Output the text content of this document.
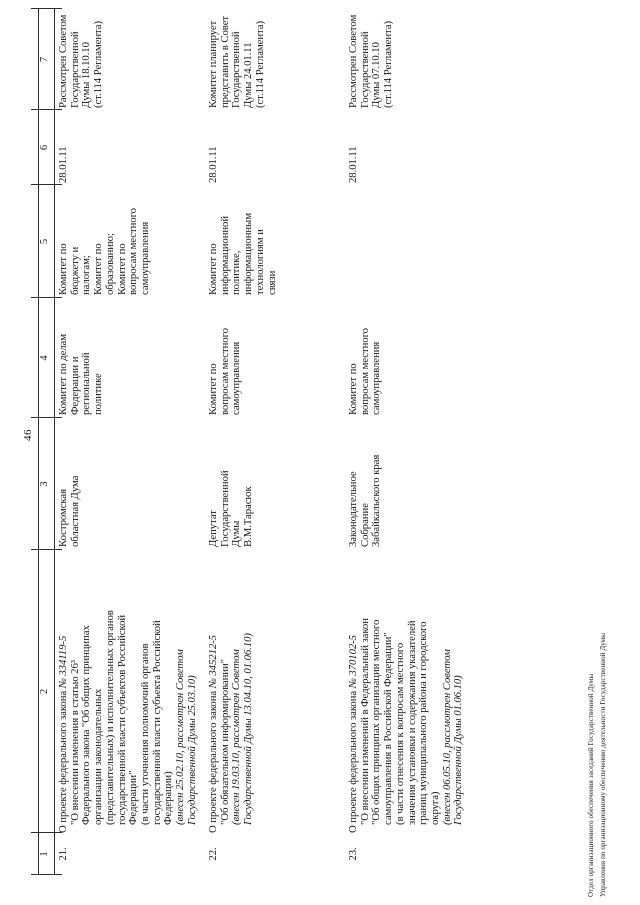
46
1
2
3
4
5
6
7
21.
О проекте федерального закона № 334119-5 "О внесении изменения в статью 26³ Федерального закона "Об общих принципах организации законодательных (представительных) и исполнительных органов государственной власти субъектов Российской Федерации" (в части уточнения полномочий органов государственной власти субъекта Российской Федерации) (внесен 25.02.10, рассмотрен Советом Государственной Думы 25.03.10)
Костромская областная Дума
Комитет по делам Федерации и региональной политике
Комитет по бюджету и налогам; Комитет по образованию; Комитет по вопросам местного самоуправления
28.01.11
Рассмотрен Советом Государственной Думы 18.10.10 (ст.114 Регламента)
22.
О проекте федерального закона № 345212-5 "Об обязательном информировании" (внесен 19.03.10, рассмотрен Советом Государственной Думы 13.04.10, 01.06.10)
Депутат Государственной Думы В.М.Тарасюк
Комитет по вопросам местного самоуправления
Комитет по информационной политике, информационным технологиям и связи
28.01.11
Комитет планирует представить в Совет Государственной Думы 24.01.11 (ст.114 Регламента)
23.
О проекте федерального закона № 370102-5 "О внесении изменений в Федеральный закон "Об общих принципах организации местного самоуправления в Российской Федерации" (в части отнесения к вопросам местного значения установки и содержания указателей границ муниципального района и городского округа) (внесен 06.05.10, рассмотрен Советом Государственной Думы 01.06.10)
Законодательное Собрание Забайкальского края
Комитет по вопросам местного самоуправления
28.01.11
Рассмотрен Советом Государственной Думы 07.10.10 (ст.114 Регламента)
Отдел организационного обеспечения заседаний Государственной Думы Управления по организационному обеспечению деятельности Государственной Думы
